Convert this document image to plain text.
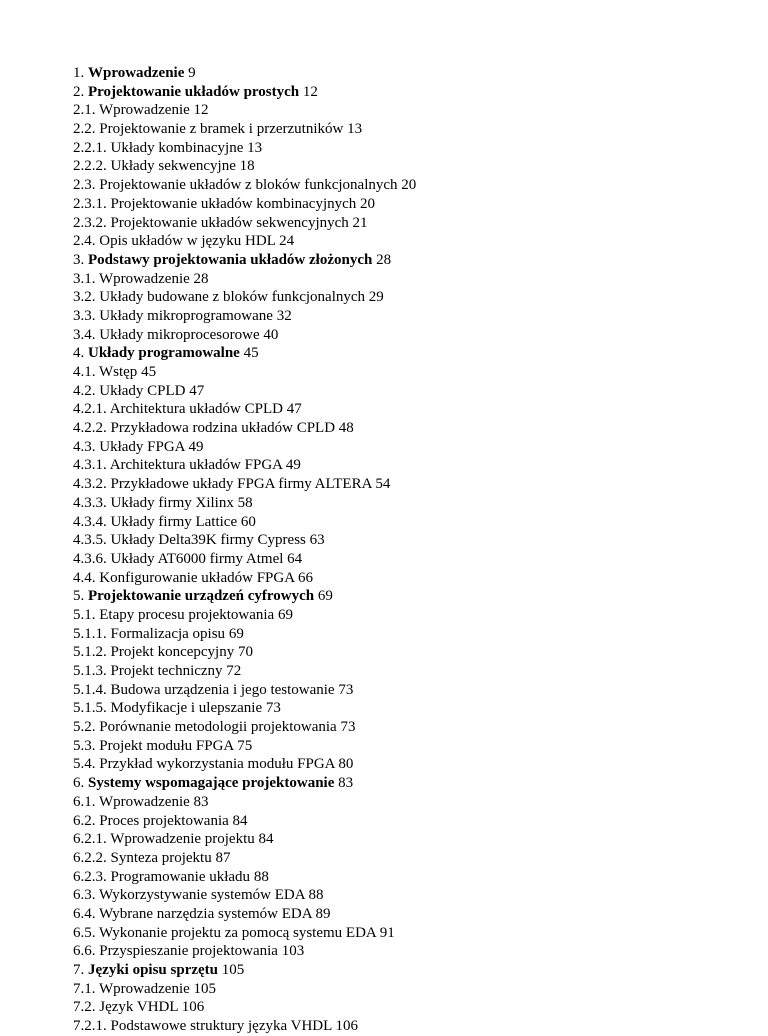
1. Wprowadzenie 9
2. Projektowanie układów prostych 12
2.1. Wprowadzenie 12
2.2. Projektowanie z bramek i przerzutników 13
2.2.1. Układy kombinacyjne 13
2.2.2. Układy sekwencyjne 18
2.3. Projektowanie układów z bloków funkcjonalnych 20
2.3.1. Projektowanie układów kombinacyjnych 20
2.3.2. Projektowanie układów sekwencyjnych 21
2.4. Opis układów w języku HDL 24
3. Podstawy projektowania układów złożonych 28
3.1. Wprowadzenie 28
3.2. Układy budowane z bloków funkcjonalnych 29
3.3. Układy mikroprogramowane 32
3.4. Układy mikroprocesorowe 40
4. Układy programowalne 45
4.1. Wstęp 45
4.2. Układy CPLD 47
4.2.1. Architektura układów CPLD 47
4.2.2. Przykładowa rodzina układów CPLD 48
4.3. Układy FPGA 49
4.3.1. Architektura układów FPGA 49
4.3.2. Przykładowe układy FPGA firmy ALTERA 54
4.3.3. Układy firmy Xilinx 58
4.3.4. Układy firmy Lattice 60
4.3.5. Układy Delta39K firmy Cypress 63
4.3.6. Układy AT6000 firmy Atmel 64
4.4. Konfigurowanie układów FPGA 66
5. Projektowanie urządzeń cyfrowych 69
5.1. Etapy procesu projektowania 69
5.1.1. Formalizacja opisu 69
5.1.2. Projekt koncepcyjny 70
5.1.3. Projekt techniczny 72
5.1.4. Budowa urządzenia i jego testowanie 73
5.1.5. Modyfikacje i ulepszanie 73
5.2. Porównanie metodologii projektowania 73
5.3. Projekt modułu FPGA 75
5.4. Przykład wykorzystania modułu FPGA 80
6. Systemy wspomagające projektowanie 83
6.1. Wprowadzenie 83
6.2. Proces projektowania 84
6.2.1. Wprowadzenie projektu 84
6.2.2. Synteza projektu 87
6.2.3. Programowanie układu 88
6.3. Wykorzystywanie systemów EDA 88
6.4. Wybrane narzędzia systemów EDA 89
6.5. Wykonanie projektu za pomocą systemu EDA 91
6.6. Przyspieszanie projektowania 103
7. Języki opisu sprzętu 105
7.1. Wprowadzenie 105
7.2. Język VHDL 106
7.2.1. Podstawowe struktury języka VHDL 106
